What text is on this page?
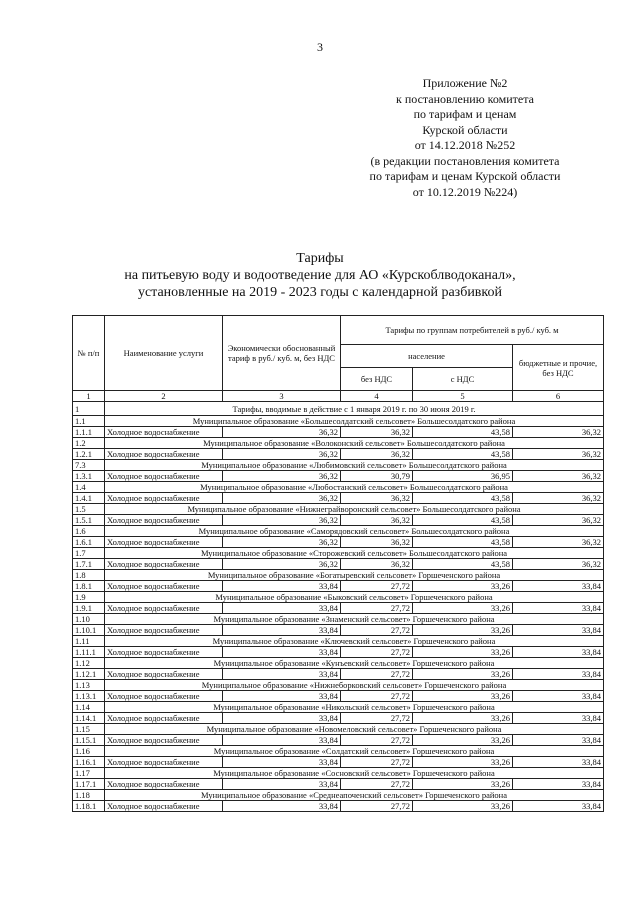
3
Приложение №2
к постановлению комитета
по тарифам и ценам
Курской области
от 14.12.2018 №252
(в редакции постановления комитета
по тарифам и ценам Курской области
от 10.12.2019 №224)
Тарифы
на питьевую воду и водоотведение для АО «Курскоблводоканал»,
установленные на 2019 - 2023 годы с календарной разбивкой
№ п/п	Наименование услуги	Экономически обоснованный тариф в руб./ куб. м, без НДС	Тарифы по группам потребителей в руб./ куб. м		
			население		бюджетные и прочие, без НДС
			без НДС	с НДС	
1	2	3	4	5	6
1	Тарифы, вводимые в действие с 1 января 2019 г. по 30 июня 2019 г.				
1.1	Муниципальное образование «Большесолдатский сельсовет» Большесолдатского района				
1.1.1	Холодное водоснабжение	36,32	36,32	43,58	36,32
1.2	Муниципальное образование «Волоконский сельсовет» Большесолдатского района				
1.2.1	Холодное водоснабжение	36,32	36,32	43,58	36,32
7.3	Муниципальное образование «Любимовский сельсовет» Большесолдатского района				
1.3.1	Холодное водоснабжение	36,32	30,79	36,95	36,32
1.4	Муниципальное образование «Любостанский сельсовет» Большесолдатского района				
1.4.1	Холодное водоснабжение	36,32	36,32	43,58	36,32
1.5	Муниципальное образование «Нижнеграйворонский сельсовет» Большесолдатского района				
1.5.1	Холодное водоснабжение	36,32	36,32	43,58	36,32
1.6	Муниципальное образование «Саморядовский сельсовет» Большесолдатского района				
1.6.1	Холодное водоснабжение	36,32	36,32	43,58	36,32
1.7	Муниципальное образование «Сторожевский сельсовет» Большесолдатского района				
1.7.1	Холодное водоснабжение	36,32	36,32	43,58	36,32
1.8	Муниципальное образование «Богатыревский сельсовет» Горшеченского района				
1.8.1	Холодное водоснабжение	33,84	27,72	33,26	33,84
1.9	Муниципальное образование «Быковский сельсовет» Горшеченского района				
1.9.1	Холодное водоснабжение	33,84	27,72	33,26	33,84
1.10	Муниципальное образование «Знаменский сельсовет» Горшеченского района				
1.10.1	Холодное водоснабжение	33,84	27,72	33,26	33,84
1.11	Муниципальное образование «Ключевский сельсовет» Горшеченского района				
1.11.1	Холодное водоснабжение	33,84	27,72	33,26	33,84
1.12	Муниципальное образование «Кунъевский сельсовет» Горшеченского района				
1.12.1	Холодное водоснабжение	33,84	27,72	33,26	33,84
1.13	Муниципальное образование «Нижнеборковский сельсовет» Горшеченского района				
1.13.1	Холодное водоснабжение	33,84	27,72	33,26	33,84
1.14	Муниципальное образование «Никольский сельсовет» Горшеченского района				
1.14.1	Холодное водоснабжение	33,84	27,72	33,26	33,84
1.15	Муниципальное образование «Новомеловский сельсовет» Горшеченского района				
1.15.1	Холодное водоснабжение	33,84	27,72	33,26	33,84
1.16	Муниципальное образование «Солдатский сельсовет» Горшеченского района				
1.16.1	Холодное водоснабжение	33,84	27,72	33,26	33,84
1.17	Муниципальное образование «Сосновский сельсовет» Горшеченского района				
1.17.1	Холодное водоснабжение	33,84	27,72	33,26	33,84
1.18	Муниципальное образование «Среднеапоченский сельсовет» Горшеченского района				
1.18.1	Холодное водоснабжение	33,84	27,72	33,26	33,84
